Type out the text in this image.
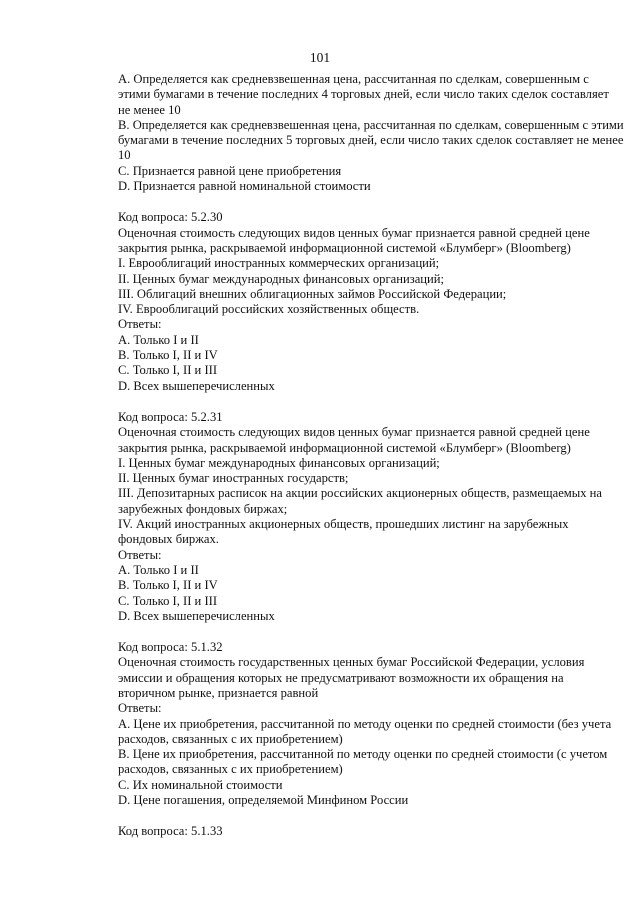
101

A. Определяется как средневзвешенная цена, рассчитанная по сделкам, совершенным с этими бумагами в течение последних 4 торговых дней, если число таких сделок составляет не менее 10

B. Определяется как средневзвешенная цена, рассчитанная по сделкам, совершенным с этими бумагами в течение последних 5 торговых дней, если число таких сделок составляет не менее 10

C. Признается равной цене приобретения

D. Признается равной номинальной стоимости

Код вопроса: 5.2.30

Оценочная стоимость следующих видов ценных бумаг признается равной средней цене закрытия рынка, раскрываемой информационной системой «Блумберг» (Bloomberg)

I. Еврооблигаций иностранных коммерческих организаций;

II. Ценных бумаг международных финансовых организаций;

III. Облигаций внешних облигационных займов Российской Федерации;

IV. Еврооблигаций российских хозяйственных обществ.

Ответы:

A. Только I и II

B. Только I, II и IV

C. Только I, II и III

D. Всех вышеперечисленных

Код вопроса: 5.2.31

Оценочная стоимость следующих видов ценных бумаг признается равной средней цене закрытия рынка, раскрываемой информационной системой «Блумберг» (Bloomberg)

I. Ценных бумаг международных финансовых организаций;

II. Ценных бумаг иностранных государств;

III. Депозитарных расписок на акции российских акционерных обществ, размещаемых на зарубежных фондовых биржах;

IV. Акций иностранных акционерных обществ, прошедших листинг на зарубежных фондовых биржах.

Ответы:

A. Только I и II

B. Только I, II и IV

C. Только I, II и III

D. Всех вышеперечисленных

Код вопроса: 5.1.32

Оценочная стоимость государственных ценных бумаг Российской Федерации, условия эмиссии и обращения которых не предусматривают возможности их обращения на вторичном рынке, признается равной

Ответы:

A. Цене их приобретения, рассчитанной по методу оценки по средней стоимости (без учета расходов, связанных с их приобретением)

B. Цене их приобретения, рассчитанной по методу оценки по средней стоимости (с учетом расходов, связанных с их приобретением)

C. Их номинальной стоимости

D. Цене погашения, определяемой Минфином России

Код вопроса: 5.1.33
